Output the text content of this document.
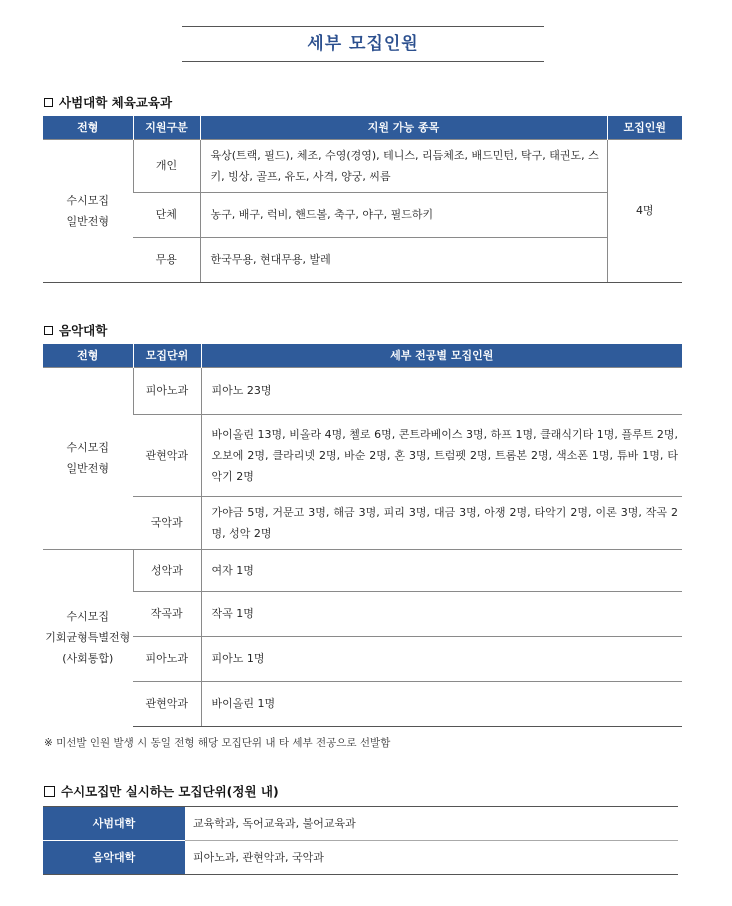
세부 모집인원
사범대학 체육교육과
전형	지원구분	지원 가능 종목	모집인원
수시모집
일반전형	개인	육상(트랙, 필드), 체조, 수영(경영), 테니스, 리듬체조, 배드민턴, 탁구, 태권도, 스키, 빙상, 골프, 유도, 사격, 양궁, 씨름	4명
	단체	농구, 배구, 럭비, 핸드볼, 축구, 야구, 필드하키	
	무용	한국무용, 현대무용, 발레	
음악대학
전형	모집단위	세부 전공별 모집인원
수시모집
일반전형	피아노과	피아노 23명
	관현악과	바이올린 13명, 비올라 4명, 첼로 6명, 콘트라베이스 3명, 하프 1명, 클래식기타 1명, 플루트 2명, 오보에 2명, 클라리넷 2명, 바순 2명, 혼 3명, 트럼펫 2명, 트롬본 2명, 색소폰 1명, 튜바 1명, 타악기 2명
	국악과	가야금 5명, 거문고 3명, 해금 3명, 피리 3명, 대금 3명, 아쟁 2명, 타악기 2명, 이론 3명, 작곡 2명, 성악 2명
수시모집
기회균형특별전형
(사회통합)	성악과	여자 1명
	작곡과	작곡 1명
	피아노과	피아노 1명
	관현악과	바이올린 1명
※ 미선발 인원 발생 시 동일 전형 해당 모집단위 내 타 세부 전공으로 선발함
수시모집만 실시하는 모집단위(정원 내)
사범대학	교육학과, 독어교육과, 불어교육과
음악대학	피아노과, 관현악과, 국악과
